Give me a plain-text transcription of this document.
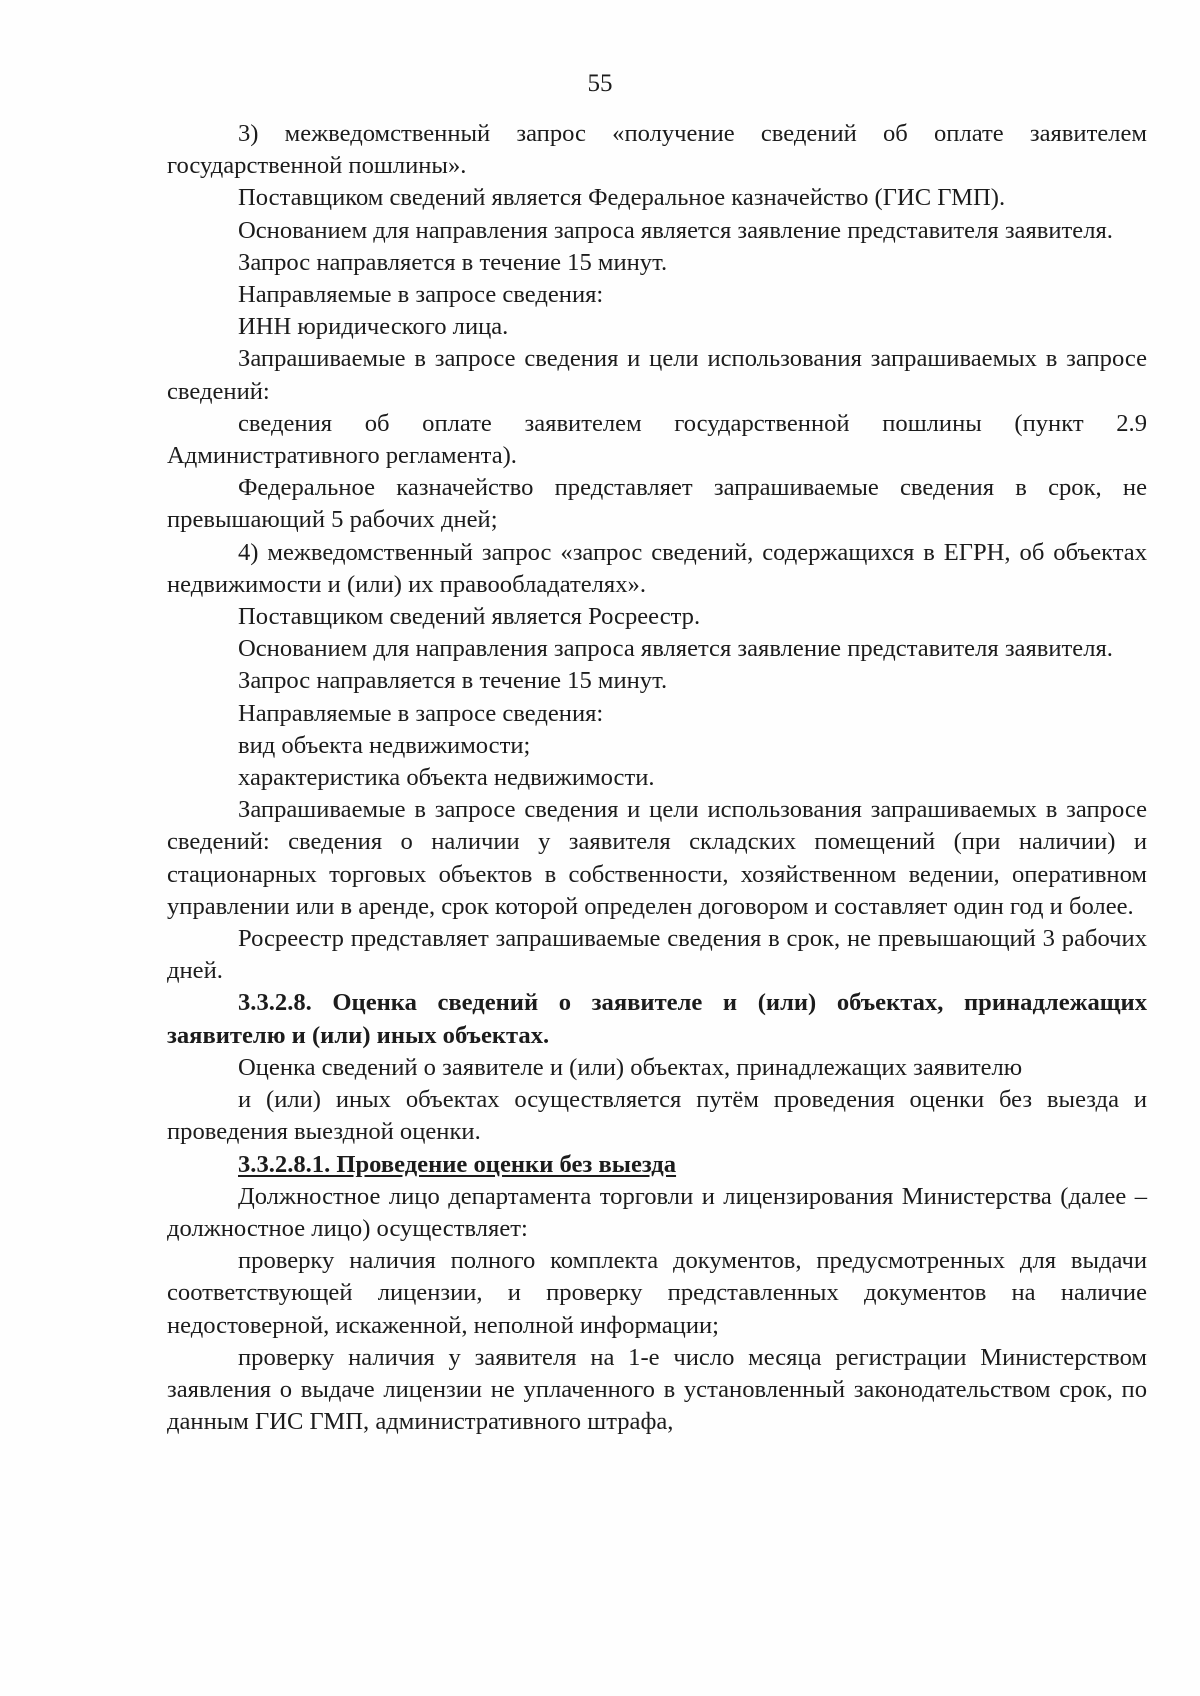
55

3) межведомственный запрос «получение сведений об оплате заявителем государственной пошлины».

Поставщиком сведений является Федеральное казначейство (ГИС ГМП).

Основанием для направления запроса является заявление представителя заявителя.

Запрос направляется в течение 15 минут.

Направляемые в запросе сведения:

ИНН юридического лица.

Запрашиваемые в запросе сведения и цели использования запрашиваемых в запросе сведений:

сведения об оплате заявителем государственной пошлины (пункт 2.9 Административного регламента).

Федеральное казначейство представляет запрашиваемые сведения в срок, не превышающий 5 рабочих дней;

4) межведомственный запрос «запрос сведений, содержащихся в ЕГРН, об объектах недвижимости и (или) их правообладателях».

Поставщиком сведений является Росреестр.

Основанием для направления запроса является заявление представителя заявителя.

Запрос направляется в течение 15 минут.

Направляемые в запросе сведения:

вид объекта недвижимости;

характеристика объекта недвижимости.

Запрашиваемые в запросе сведения и цели использования запрашиваемых в запросе сведений: сведения о наличии у заявителя складских помещений (при наличии) и стационарных торговых объектов в собственности, хозяйственном ведении, оперативном управлении или в аренде, срок которой определен договором и составляет один год и более.

Росреестр представляет запрашиваемые сведения в срок, не превышающий 3 рабочих дней.

3.3.2.8. Оценка сведений о заявителе и (или) объектах, принадлежащих заявителю и (или) иных объектах.

Оценка сведений о заявителе и (или) объектах, принадлежащих заявителю

и (или) иных объектах осуществляется путём проведения оценки без выезда и проведения выездной оценки.

3.3.2.8.1. Проведение оценки без выезда

Должностное лицо департамента торговли и лицензирования Министерства (далее – должностное лицо) осуществляет:

проверку наличия полного комплекта документов, предусмотренных для выдачи соответствующей лицензии, и проверку представленных документов на наличие недостоверной, искаженной, неполной информации;

проверку наличия у заявителя на 1-е число месяца регистрации Министерством заявления о выдаче лицензии не уплаченного в установленный законодательством срок, по данным ГИС ГМП, административного штрафа,
